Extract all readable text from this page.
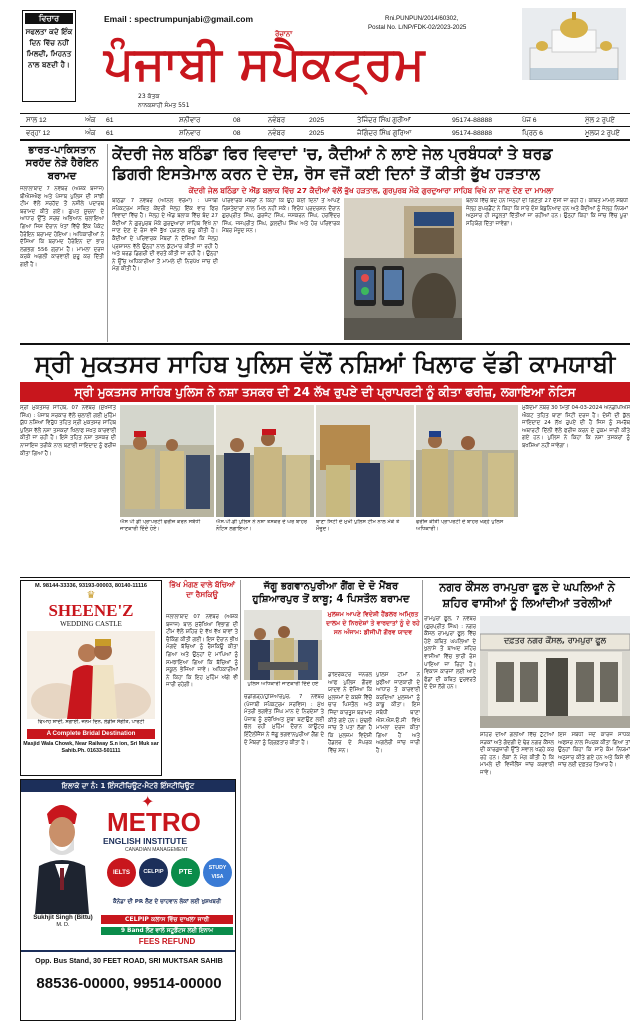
ਵਿਚਾਰ
ਸਫਲਤਾ ਕਦੇ ਇੰਕ ਦਿਨ ਵਿੱਚ ਨਹੀਂ ਮਿਲਦੀ, ਮਿਹਨਤ ਨਾਲ ਬਣਦੀ ਹੈ।
Email : spectrumpunjabi@gmail.com
ਰੋਜ਼ਾਨਾ
ਪੰਜਾਬੀ ਸਪੈਕਟ੍ਰਮ
Rni.PUNPUN/2014/60302,
Postal No. L/NP/FDK-02/2023-2025
23 ਕੱਤਕ
ਨਾਨਕਸ਼ਾਹੀ ਸੰਮਤ 551
ਸਾਲ 12	ਅੰਕ 61	ਸ਼ਨੀਵਾਰ	08	ਨਵੰਬਰ	2025	ਤੇਜਿੰਦਰ ਸਿੰਘ ਗੁਰੀਆਂ	95174-88888	ਪੇਜ 6	ਮੁੱਲ 2 ਰੁਪਏ
ਵਰ੍ਹਾ 12	ਅੰਕ 61	ਸ਼ਨਿਵਾਰ	08	ਨਵੰਬਰ	2025	ਜੋਗਿੰਦਰ ਸਿੰਘ ਗੁਰਿਆ	95174-88888	ਪ੍ਰਿਠ 6	ਮੂਲਯ 2 ਰੁਪਏ
ਭਾਰਤ-ਪਾਕਿਸਤਾਨ ਸਰਹੱਦ ਨੇੜੇ ਹੈਰੋਇਨ ਬਰਾਮਦ
ਜਲਾਲਾਬਾਦ 7 ਨਵੰਬਰ (ਅਸ਼ੋਕ ਬਜਾਜ) ਬੀਐਸਐਫ ਅਤੇ ਪੰਜਾਬ ਪੁਲਿਸ ਦੀ ਸਾਂਝੀ ਟੀਮ ਵੱਲੋਂ ਸਰਹੱਦ ਤੋਂ ਨਸ਼ੀਲੇ ਪਦਾਰਥ ਬਰਾਮਦ ਕੀਤੇ ਗਏ। ਗੁਪਤ ਸੂਚਨਾ ਦੇ ਆਧਾਰ ਉੱਤੇ ਸਰਚ ਅਭਿਆਨ ਚਲਾਇਆ ਗਿਆ ਜਿਸ ਦੌਰਾਨ ਖੇਤਾਂ ਵਿੱਚੋਂ ਇੱਕ ਪੈਕੇਟ ਹੈਰੋਇਨ ਬਰਾਮਦ ਹੋਇਆ। ਅਧਿਕਾਰੀਆਂ ਨੇ ਦੱਸਿਆ ਕਿ ਬਰਾਮਦ ਹੈਰੋਇਨ ਦਾ ਭਾਰ ਲਗਭਗ 556 ਗ੍ਰਾਮ ਹੈ। ਮਾਮਲਾ ਦਰਜ ਕਰਕੇ ਅਗਲੀ ਕਾਰਵਾਈ ਸ਼ੁਰੂ ਕਰ ਦਿੱਤੀ ਗਈ ਹੈ।
ਕੇਂਦਰੀ ਜੇਲ ਬਠਿੰਡਾ ਫਿਰ ਵਿਵਾਦਾਂ 'ਚ, ਕੈਦੀਆਂ ਨੇ ਲਾਏ ਜੇਲ ਪ੍ਰਬੰਧਕਾਂ ਤੇ ਥਰਡ
ਡਿਗਰੀ ਇਸਤੇਮਾਲ ਕਰਨ ਦੇ ਦੋਸ਼, ਰੋਸ ਵਜੋਂ ਕਈ ਦਿਨਾਂ ਤੋਂ ਕੀਤੀ ਭੁੱਖ ਹੜਤਾਲ
ਕੇਂਦਰੀ ਜੇਲ ਬਠਿੰਡਾ ਦੇ ਐਂਡ ਬਲਾਕ ਵਿੱਚ 27 ਕੈਦੀਆਂ ਵੱਲੋਂ ਭੁੱਖ ਹੜਤਾਲ, ਗੁਰਪੁਰਬ ਮੌਕੇ ਗੁਰਦੁਆਰਾ ਸਾਹਿਬ ਵਿਖੇ ਨਾ ਜਾਣ ਦੇਣ ਦਾ ਮਾਮਲਾ
ਬਠਿੰਡਾ 7 ਨਵੰਬਰ (ਅਨਿਲ ਵਰਮਾ) : ਪੰਜਾਬੀ ਸਪੈਕਟ੍ਰਮ ਸਥਿਤ ਕੇਂਦਰੀ ਜੇਲ੍ਹ ਇੱਕ ਵਾਰ ਫਿਰ ਵਿਵਾਦਾਂ ਵਿੱਚ ਹੈ। ਜੇਲ੍ਹ ਦੇ ਐਂਡ ਬਲਾਕ ਵਿੱਚ ਬੰਦ 27 ਕੈਦੀਆਂ ਨੇ ਗੁਰਪੁਰਬ ਮੌਕੇ ਗੁਰਦੁਆਰਾ ਸਾਹਿਬ ਵਿਖੇ ਨਾ ਜਾਣ ਦੇਣ ਦੇ ਰੋਸ ਵਜੋਂ ਭੁੱਖ ਹੜਤਾਲ ਸ਼ੁਰੂ ਕੀਤੀ ਹੈ। ਕੈਦੀਆਂ ਦੇ ਪਰਿਵਾਰਕ ਮੈਂਬਰਾਂ ਨੇ ਦੱਸਿਆ ਕਿ ਜੇਲ੍ਹ ਪ੍ਰਸ਼ਾਸਨ ਵੱਲੋਂ ਉਨ੍ਹਾਂ ਨਾਲ ਕੁੱਟਮਾਰ ਕੀਤੀ ਜਾ ਰਹੀ ਹੈ ਅਤੇ ਥਰਡ ਡਿਗਰੀ ਦੀ ਵਰਤੋਂ ਕੀਤੀ ਜਾ ਰਹੀ ਹੈ। ਉਨ੍ਹਾਂ ਨੇ ਉੱਚ ਅਧਿਕਾਰੀਆਂ ਤੋਂ ਮਾਮਲੇ ਦੀ ਨਿਰਪੱਖ ਜਾਂਚ ਦੀ ਮੰਗ ਕੀਤੀ ਹੈ।
ਪਰਿਵਾਰਕ ਮੈਂਬਰਾਂ ਨੇ ਕਿਹਾ ਕਿ ਉਹ ਕਈ ਦਿਨਾਂ ਤੋਂ ਆਪਣੇ ਰਿਸ਼ਤੇਦਾਰਾਂ ਨਾਲ ਮਿਲ ਨਹੀਂ ਸਕੇ। ਵਿਰੋਧ ਪ੍ਰਦਰਸ਼ਨ ਦੌਰਾਨ ਗੁਰਪ੍ਰੀਤ ਸਿੰਘ, ਗੁਰਜੰਟ ਸਿੰਘ, ਜਸਕਰਨ ਸਿੰਘ, ਹਰਵਿੰਦਰ ਸਿੰਘ, ਜਸਪ੍ਰੀਤ ਸਿੰਘ, ਕੁਲਦੀਪ ਸਿੰਘ ਅਤੇ ਹੋਰ ਪਰਿਵਾਰਕ ਮੈਂਬਰ ਮੌਜੂਦ ਸਨ।
ਬਲਾਕ ਵਿੱਚ ਬੰਦ ਹਨ ਜਿਨ੍ਹਾਂ ਦੀ ਗਿਣਤੀ 27 ਦੱਸੀ ਜਾ ਰਹੀ ਹੈ। ਕਥਿਤ ਮਾਮਲੇ ਸੰਬੰਧੀ ਜੇਲ੍ਹ ਸੁਪਰਡੈਂਟ ਨੇ ਕਿਹਾ ਕਿ ਸਾਰੇ ਦੋਸ਼ ਬੇਬੁਨਿਆਦ ਹਨ ਅਤੇ ਕੈਦੀਆਂ ਨੂੰ ਜੇਲ੍ਹ ਨਿਯਮਾਂ ਅਨੁਸਾਰ ਹੀ ਸਹੂਲਤਾਂ ਦਿੱਤੀਆਂ ਜਾ ਰਹੀਆਂ ਹਨ। ਉਨ੍ਹਾਂ ਕਿਹਾ ਕਿ ਜਾਂਚ ਵਿੱਚ ਪੂਰਾ ਸਹਿਯੋਗ ਦਿੱਤਾ ਜਾਵੇਗਾ।
ਸ੍ਰੀ ਮੁਕਤਸਰ ਸਾਹਿਬ ਪੁਲਿਸ ਵੱਲੋਂ ਨਸ਼ਿਆਂ ਖਿਲਾਫ ਵੱਡੀ ਕਾਮਯਾਬੀ
ਸ੍ਰੀ ਮੁਕਤਸਰ ਸਾਹਿਬ ਪੁਲਿਸ ਨੇ ਨਸ਼ਾ ਤਸਕਰ ਦੀ 24 ਲੱਖ ਰੁਪਏ ਦੀ ਪ੍ਰਾਪਰਟੀ ਨੂੰ ਕੀਤਾ ਫਰੀਜ਼, ਲਗਾਇਆ ਨੋਟਿਸ
ਸ੍ਰੀ ਮੁਕਤਸਰ ਸਾਹਿਬ, 07 ਨਵੰਬਰ (ਸੁਖਜੀਤ ਸਿੰਘ) : ਪੰਜਾਬ ਸਰਕਾਰ ਵੱਲੋਂ ਚਲਾਈ ਗਈ ਮੁਹਿੰਮ ਯੁੱਧ ਨਸ਼ਿਆਂ ਵਿਰੁੱਧ ਤਹਿਤ ਸ੍ਰੀ ਮੁਕਤਸਰ ਸਾਹਿਬ ਪੁਲਿਸ ਵੱਲੋਂ ਨਸ਼ਾ ਤਸਕਰਾਂ ਖਿਲਾਫ ਸਖ਼ਤ ਕਾਰਵਾਈ ਕੀਤੀ ਜਾ ਰਹੀ ਹੈ। ਇਸੇ ਤਹਿਤ ਨਸ਼ਾ ਤਸਕਰ ਦੀ ਨਾਜਾਇਜ਼ ਤਰੀਕੇ ਨਾਲ ਬਣਾਈ ਜਾਇਦਾਦ ਨੂੰ ਫਰੀਜ਼ ਕੀਤਾ ਗਿਆ ਹੈ।
ਐਸ ਪੀ ਡੀ ਪ੍ਰਾਪਰਟੀ ਫਰੀਜ਼ ਕਰਨ ਸਬੰਧੀ ਜਾਣਕਾਰੀ ਦਿੰਦੇ ਹੋਏ।
ਐਸ.ਪੀ.ਡੀ ਪੁਲਿਸ ਨੇ ਨਸ਼ਾ ਤਸਕਰ ਦੇ ਘਰ ਬਾਹਰ ਨੋਟਿਸ ਲਗਾਇਆ।
ਥਾਣਾ ਸਿਟੀ ਦੇ ਮੁਖੀ ਪੁਲਿਸ ਟੀਮ ਨਾਲ ਮੌਕੇ ਤੇ ਮੌਜੂਦ।
ਫਰੀਜ਼ ਕੀਤੀ ਪ੍ਰਾਪਰਟੀ ਦੇ ਬਾਹਰ ਖੜ੍ਹੇ ਪੁਲਿਸ ਅਧਿਕਾਰੀ।
ਮੁਕੱਦਮਾ ਨੰਬਰ 30 ਮਿਤੀ 04-03-2024 ਐਨਡੀਪੀਐਸ ਐਕਟ ਤਹਿਤ ਥਾਣਾ ਸਿਟੀ ਦਰਜ ਹੈ। ਦੋਸ਼ੀ ਦੀ ਕੁੱਲ ਜਾਇਦਾਦ 24 ਲੱਖ ਰੁਪਏ ਦੀ ਹੈ ਜਿਸ ਨੂੰ ਸਮਰੱਥ ਅਥਾਰਟੀ ਦਿੱਲੀ ਵੱਲੋਂ ਫਰੀਜ਼ ਕਰਨ ਦੇ ਹੁਕਮ ਜਾਰੀ ਕੀਤੇ ਗਏ ਹਨ। ਪੁਲਿਸ ਨੇ ਕਿਹਾ ਕਿ ਨਸ਼ਾ ਤਸਕਰਾਂ ਨੂੰ ਬਖਸ਼ਿਆ ਨਹੀਂ ਜਾਵੇਗਾ।
M. 98144-33336, 93193-00003, 80140-11116
♛
SHEENE'Z
WEDDING CASTLE
ਵਿਆਹ ਸ਼ਾਦੀ, ਸਗਾਈ, ਜਨਮ ਦਿਨ, ਲੇਡੀਜ਼ ਸੰਗੀਤ, ਪਾਰਟੀ
A Complete Bridal Destination
Masjid Wala Chowk, Near Railway S.n ion, Sri Muk sar Sahib.Ph. 01633-501111
ਇਲਾਕੇ ਦਾ ਨੰ: 1 ਇੰਸਟੀਚਿਊਟ-ਮੈਟਰੋ ਇੰਸਟੀਚਿਊਟ
✦
METRO
ENGLISH INSTITUTE
CANADIAN MANAGEMENT
IELTS	CELPIP	PTE
STUDY VISA
Sukhjit Singh (Bittu)
M. D.
ਕੈਨੇਡਾ ਦੀ PR ਲੈਣ ਦੇ ਚਾਹਵਾਨ ਲੋਕਾਂ ਲਈ ਖੁਸ਼ਖਬਰੀ
CELPIP ਕਲਾਸ ਵਿੱਚ ਦਾਖਲਾ ਜਾਰੀ
9 Band ਲੈਣ ਵਾਲੇ ਸਟੂਡੈਂਟਸ ਲਈ ਇਨਾਮ
FEES REFUND
Opp. Bus Stand, 30 FEET ROAD, SRI MUKTSAR SAHIB
88536-00000, 99514-00000
ਭਿੱਖ ਮੰਗਣ ਵਾਲੇ ਬੱਚਿਆਂ ਦਾ ਰੈਸਕਿਊ
ਜਲਾਲਾਬਾਦ 07 ਨਵੰਬਰ (ਅਸ਼ੋਕ ਬਜਾਜ) ਬਾਲ ਸੁਰੱਖਿਆ ਵਿਭਾਗ ਦੀ ਟੀਮ ਵੱਲੋਂ ਸ਼ਹਿਰ ਦੇ ਵੱਖ ਵੱਖ ਥਾਵਾਂ ਤੇ ਚੈਕਿੰਗ ਕੀਤੀ ਗਈ। ਇਸ ਦੌਰਾਨ ਭੀਖ ਮੰਗਦੇ ਬੱਚਿਆਂ ਨੂੰ ਰੈਸਕਿਊ ਕੀਤਾ ਗਿਆ ਅਤੇ ਉਨ੍ਹਾਂ ਦੇ ਮਾਪਿਆਂ ਨੂੰ ਸਮਝਾਇਆ ਗਿਆ ਕਿ ਬੱਚਿਆਂ ਨੂੰ ਸਕੂਲ ਭੇਜਿਆ ਜਾਵੇ। ਅਧਿਕਾਰੀਆਂ ਨੇ ਕਿਹਾ ਕਿ ਇਹ ਮੁਹਿੰਮ ਅੱਗੇ ਵੀ ਜਾਰੀ ਰਹੇਗੀ।
ਜੱਗੂ ਭਗਵਾਨਪੁਰੀਆ ਗੈਂਗ ਦੇ ਦੋ ਮੈਂਬਰ
ਹੁਸ਼ਿਆਰਪੁਰ ਤੋਂ ਕਾਬੂ; 4 ਪਿਸਤੌਲ ਬਰਾਮਦ
ਪੁਲਿਸ ਅਧਿਕਾਰੀ ਜਾਣਕਾਰੀ ਦਿੰਦੇ ਹੋਏ
ਮੁਲਜ਼ਮ ਆਪਣੇ ਵਿਦੇਸ਼ੀ ਹੈਂਡਲਰ ਅਮ੍ਰਿਤ ਦਾਲਮ ਦੇ ਨਿਰਦੇਸ਼ਾਂ ਤੇ ਵਾਰਦਾਤਾਂ ਨੂੰ ਦੇ ਰਹੇ ਸਨ ਅੰਜਾਮ: ਡੀਜੀਪੀ ਗੌਰਵ ਯਾਦਵ
ਚੰਡੀਗੜ੍ਹ/ਹੁਸ਼ਿਆਰਪੁਰ, 7 ਨਵੰਬਰ (ਪੰਜਾਬੀ ਸਪੈਕਟ੍ਰਮ ਸਰਵਿਸ) : ਮੁੱਖ ਮੰਤਰੀ ਭਗਵੰਤ ਸਿੰਘ ਮਾਨ ਦੇ ਨਿਰਦੇਸ਼ਾਂ ਤੇ ਪੰਜਾਬ ਨੂੰ ਸੁਰੱਖਿਅਤ ਸੂਬਾ ਬਣਾਉਣ ਲਈ ਚੱਲ ਰਹੀ ਮੁਹਿੰਮ ਦੌਰਾਨ ਕਾਊਂਟਰ ਇੰਟੈਲੀਜੈਂਸ ਨੇ ਜੱਗੂ ਭਗਵਾਨਪੁਰੀਆ ਗੈਂਗ ਦੇ ਦੋ ਮੈਂਬਰਾਂ ਨੂੰ ਗ੍ਰਿਫ਼ਤਾਰ ਕੀਤਾ ਹੈ।
ਡਾਇਰੈਕਟਰ ਜਨਰਲ ਆਫ ਪੁਲਿਸ ਗੌਰਵ ਯਾਦਵ ਨੇ ਦੱਸਿਆ ਕਿ ਮੁਲਜ਼ਮਾਂ ਦੇ ਕਬਜ਼ੇ ਵਿੱਚੋਂ ਚਾਰ ਪਿਸਤੌਲ ਅਤੇ ਜਿੰਦਾ ਕਾਰਤੂਸ ਬਰਾਮਦ ਕੀਤੇ ਗਏ ਹਨ। ਮੁੱਢਲੀ ਜਾਂਚ ਤੋਂ ਪਤਾ ਲੱਗਾ ਹੈ ਕਿ ਮੁਲਜ਼ਮ ਵਿਦੇਸ਼ੀ ਹੈਂਡਲਰ ਦੇ ਸੰਪਰਕ ਵਿੱਚ ਸਨ।
ਪੁਲਿਸ ਟੀਮਾਂ ਨੇ ਖ਼ੁਫੀਆ ਜਾਣਕਾਰੀ ਦੇ ਆਧਾਰ ਤੇ ਕਾਰਵਾਈ ਕਰਦਿਆਂ ਮੁਲਜ਼ਮਾਂ ਨੂੰ ਕਾਬੂ ਕੀਤਾ। ਇਸ ਸਬੰਧੀ ਥਾਣਾ ਐਸ.ਐਸ.ਓ.ਸੀ ਵਿਖੇ ਮਾਮਲਾ ਦਰਜ ਕੀਤਾ ਗਿਆ ਹੈ ਅਤੇ ਅਗਲੇਰੀ ਜਾਂਚ ਜਾਰੀ ਹੈ।
ਨਗਰ ਕੌਂਸਲ ਰਾਮਪੁਰਾ ਫੂਲ ਦੇ ਘਪਲਿਆਂ ਨੇ
ਸ਼ਹਿਰ ਵਾਸੀਆਂ ਨੂੰ ਲਿਆਂਦੀਆਂ ਤਰੇਲੀਆਂ
ਰਾਮਪੁਰਾ ਫੂਲ, 7 ਨਵੰਬਰ (ਗੁਰਪ੍ਰੀਤ ਸਿੰਘ) : ਨਗਰ ਕੌਂਸਲ ਰਾਮਪੁਰਾ ਫੂਲ ਵਿੱਚ ਹੋਏ ਕਥਿਤ ਘਪਲਿਆਂ ਦੇ ਖੁਲਾਸੇ ਤੋਂ ਬਾਅਦ ਸ਼ਹਿਰ ਵਾਸੀਆਂ ਵਿੱਚ ਭਾਰੀ ਰੋਸ ਪਾਇਆ ਜਾ ਰਿਹਾ ਹੈ। ਵਿਕਾਸ ਕਾਰਜਾਂ ਲਈ ਆਏ ਫੰਡਾਂ ਦੀ ਕਥਿਤ ਦੁਰਵਰਤੋਂ ਦੇ ਦੋਸ਼ ਲੱਗੇ ਹਨ।
ਦਫ਼ਤਰ ਨਗਰ ਕੌਂਸਲ, ਰਾਮਪੁਰਾ ਫੂਲ
ਸ਼ਹਿਰ ਦੀਆਂ ਗਲੀਆਂ ਵਿੱਚ ਟੁੱਟੀਆਂ ਸੜਕਾਂ ਅਤੇ ਗੰਦਗੀ ਦੇ ਢੇਰ ਨਗਰ ਕੌਂਸਲ ਦੀ ਕਾਰਗੁਜ਼ਾਰੀ ਉੱਤੇ ਸਵਾਲ ਖੜ੍ਹੇ ਕਰ ਰਹੇ ਹਨ। ਲੋਕਾਂ ਨੇ ਮੰਗ ਕੀਤੀ ਹੈ ਕਿ ਮਾਮਲੇ ਦੀ ਵਿਜੀਲੈਂਸ ਜਾਂਚ ਕਰਵਾਈ ਜਾਵੇ।
ਇਸ ਸਬੰਧੀ ਜਦੋਂ ਕਾਰਜ ਸਾਧਕ ਅਫਸਰ ਨਾਲ ਸੰਪਰਕ ਕੀਤਾ ਗਿਆ ਤਾਂ ਉਨ੍ਹਾਂ ਕਿਹਾ ਕਿ ਸਾਰੇ ਕੰਮ ਨਿਯਮਾਂ ਅਨੁਸਾਰ ਕੀਤੇ ਗਏ ਹਨ ਅਤੇ ਕਿਸੇ ਵੀ ਜਾਂਚ ਲਈ ਦਫ਼ਤਰ ਤਿਆਰ ਹੈ।
